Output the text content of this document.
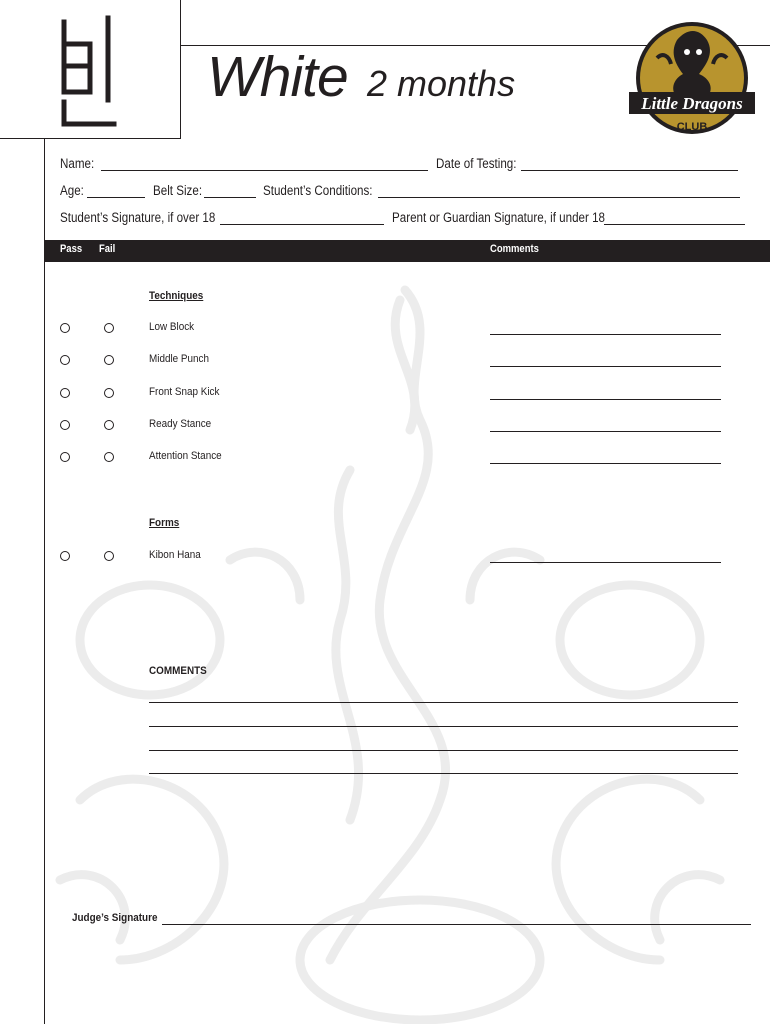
White 2 months	Little Dragons
CLUB
Name:	Date of Testing:
Age:	Belt Size:	Student’s Conditions:
Student’s Signature, if over 18	Parent or Guardian Signature, if under 18
Pass Fail	Comments
Techniques
Low Block
Middle Punch
Front Snap Kick
Ready Stance
Attention Stance
Forms
Kibon Hana
COMMENTS
Judge’s Signature
